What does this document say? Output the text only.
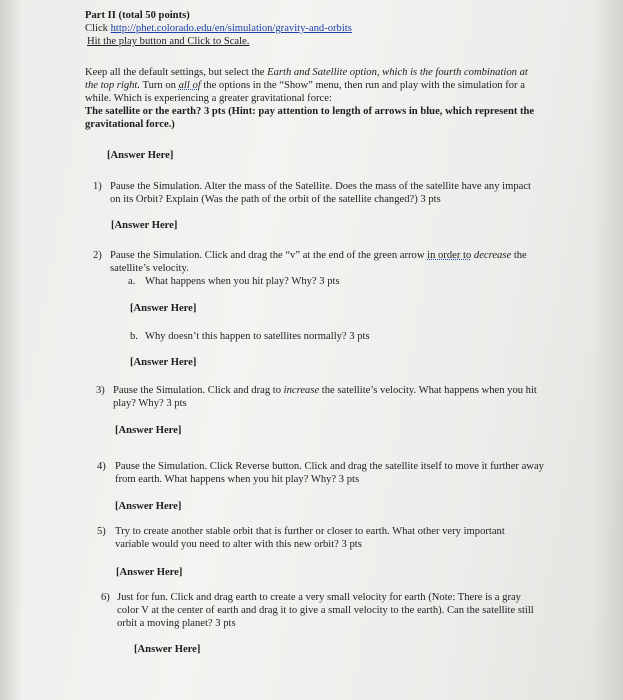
Part II (total 50 points)
Click http://phet.colorado.edu/en/simulation/gravity-and-orbits
Hit the play button and Click to Scale.
Keep all the default settings, but select the Earth and Satellite option, which is the fourth combination at
the top right. Turn on all of the options in the “Show” menu, then run and play with the simulation for a
while. Which is experiencing a greater gravitational force:
The satellite or the earth? 3 pts (Hint: pay attention to length of arrows in blue, which represent the
gravitational force.)
[Answer Here]
1) Pause the Simulation. Alter the mass of the Satellite. Does the mass of the satellite have any impact
on its Orbit? Explain (Was the path of the orbit of the satellite changed?) 3 pts
[Answer Here]
2) Pause the Simulation. Click and drag the “v” at the end of the green arrow in order to decrease the
satellite’s velocity.
a. What happens when you hit play? Why? 3 pts
[Answer Here]
b. Why doesn’t this happen to satellites normally? 3 pts
[Answer Here]
3) Pause the Simulation. Click and drag to increase the satellite’s velocity. What happens when you hit
play? Why? 3 pts
[Answer Here]
4) Pause the Simulation. Click Reverse button. Click and drag the satellite itself to move it further away
from earth. What happens when you hit play? Why? 3 pts
[Answer Here]
5) Try to create another stable orbit that is further or closer to earth. What other very important
variable would you need to alter with this new orbit? 3 pts
[Answer Here]
6) Just for fun. Click and drag earth to create a very small velocity for earth (Note: There is a gray
color V at the center of earth and drag it to give a small velocity to the earth). Can the satellite still
orbit a moving planet? 3 pts
[Answer Here]
